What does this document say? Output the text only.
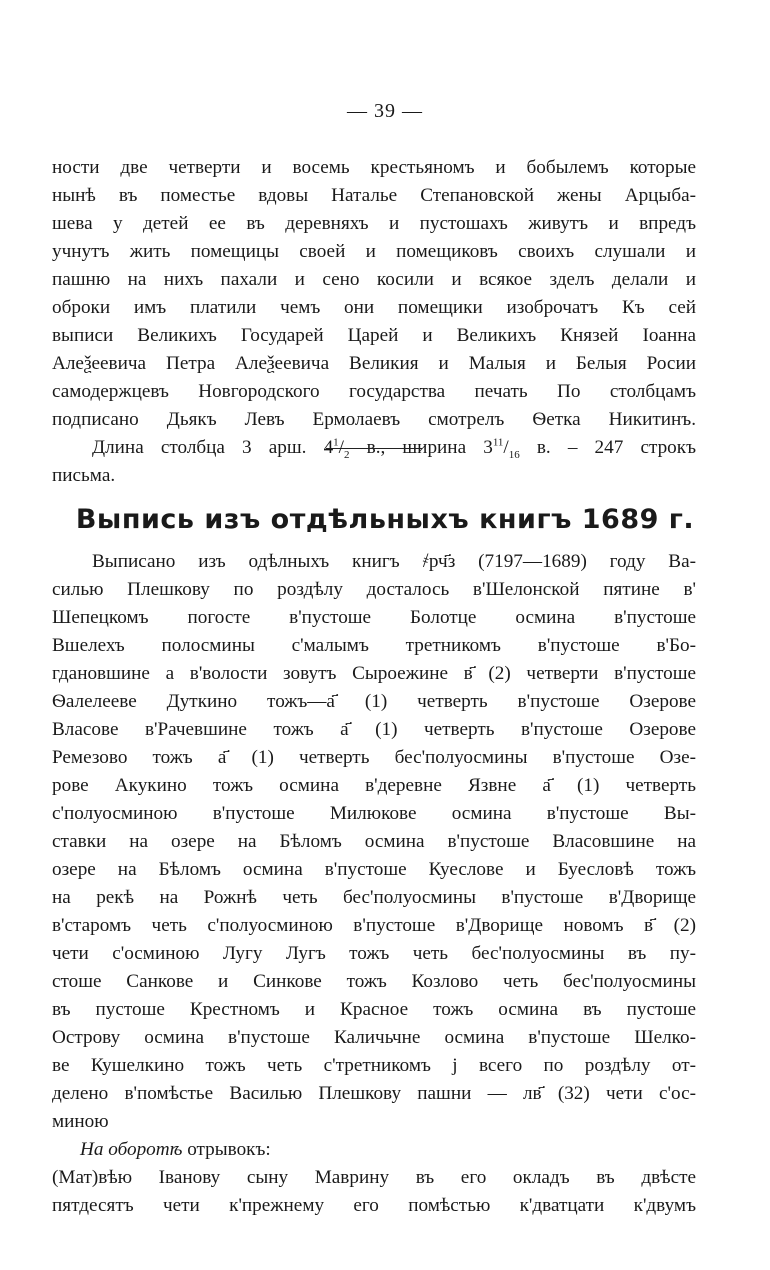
— 39 —
ности две четверти и восемь крестьяномъ и бобылемъ которые
нынѣ въ поместье вдовы Наталье Степановской жены Арцыба-
шева у детей ее въ деревняхъ и пустошахъ живутъ и впредъ
учнутъ жить помещицы своей и помещиковъ своихъ слушали и
пашню на нихъ пахали и сено косили и всякое зделъ делали и
оброки имъ платили чемъ они помещики изоброчатъ Къ сей
выписи Великихъ Государей Царей и Великихъ Князей Іоанна
Алеѯеевича Петра Алеѯеевича Великия и Малыя и Белыя Росии
самодержцевъ Новгородского государства печать По столбцамъ
подписано Дьякъ Левъ Ермолаевъ смотрелъ Ѳетка Никитинъ.
Длина столбца 3 арш. $4^1/_2$ в., ширина $3^{11}/_{16}$ в. – 247 строкъ
письма.
Выпись изъ отдѣльныхъ книгъ 1689 г.
Выписано изъ одѣлныхъ книгъ ҂рч҃з (7197—1689) году Ва-
силью Плешкову по роздѣлу досталось в'Шелонской пятине в'
Шепецкомъ погосте в'пустоше Болотце осмина в'пустоше
Вшелехъ полосмины с'малымъ третникомъ в'пустоше в'Бо-
гдановшине а в'волости зовутъ Сыроежине в҃ (2) четверти в'пустоше
Ѳалелееве Дуткино тожъ—а҃ (1) четверть в'пустоше Озерове
Власове в'Рачевшине тожъ а҃ (1) четверть в'пустоше Озерове
Ремезово тожъ а҃ (1) четверть бес'полуосмины в'пустоше Озе-
рове Акукино тожъ осмина в'деревне Язвне а҃ (1) четверть
с'полуосминою в'пустоше Милюкове осмина в'пустоше Вы-
ставки на озере на Бѣломъ осмина в'пустоше Власовшине на
озере на Бѣломъ осмина в'пустоше Куеслове и Буесловѣ тожъ
на рекѣ на Рожнѣ четь бес'полуосмины в'пустоше в'Дворище
в'старомъ четь с'полуосминою в'пустоше в'Дворище новомъ в҃ (2)
чети с'осминою Лугу Лугъ тожъ четь бес'полуосмины въ пу-
стоше Санкове и Синкове тожъ Козлово четь бес'полуосмины
въ пустоше Крестномъ и Красное тожъ осмина въ пустоше
Острову осмина в'пустоше Каличьчне осмина в'пустоше Шелко-
ве Кушелкино тожъ четь с'третникомъ ј всего по роздѣлу от-
делено в'помѣстье Василью Плешкову пашни — лв҃ (32) чети с'ос-
миною
На оборотѣ отрывокъ:
(Мат)вѣю Іванову сыну Маврину въ его окладъ въ двѣсте
пятдесятъ чети к'прежнему его помѣстью к'дватцати к'двумъ
